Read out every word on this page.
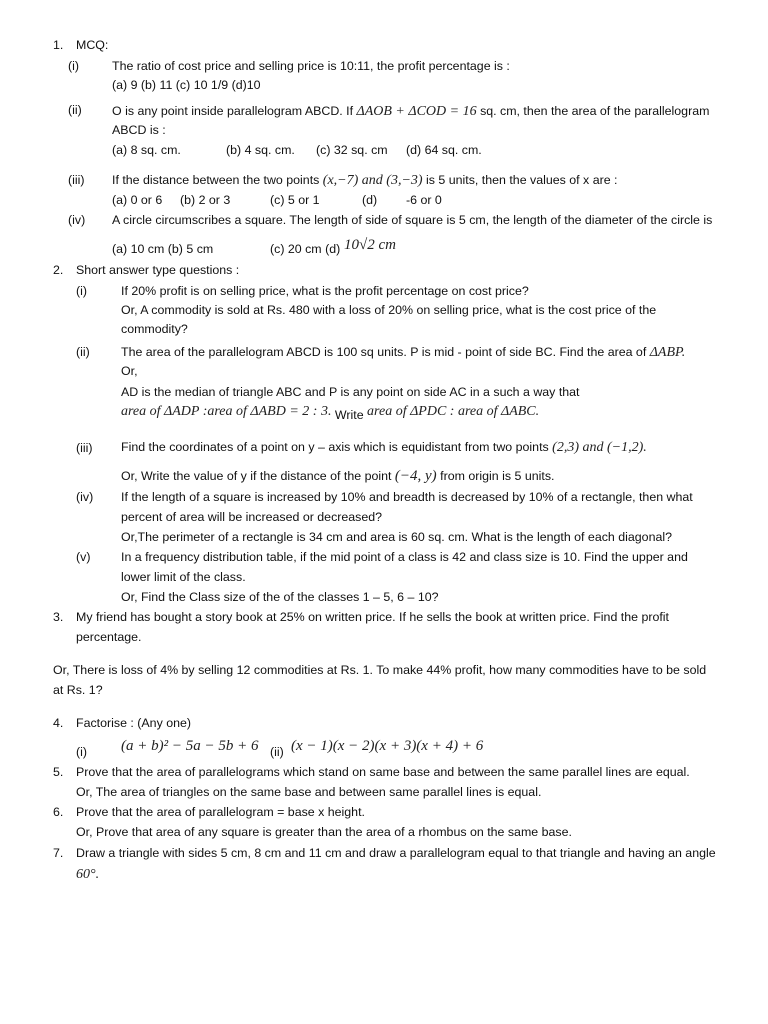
1. MCQ:
(i)	The ratio of cost price and selling price is 10:11, the profit percentage is :
(a) 9 (b) 11 (c) 10 1/9 (d)10
(ii) O is any point inside parallelogram ABCD. If ΔAOB + ΔCOD = 16 sq. cm, then the area of the parallelogram
ABCD is :
(a) 8 sq. cm.	(b) 4 sq. cm. (c) 32 sq. cm (d) 64 sq. cm.
(iii) If the distance between the two points (x,−7) and (3,−3) is 5 units, then the values of x are :
(a) 0 or 6 (b) 2 or 3	(c) 5 or 1	(d) -6 or 0
(iv) A circle circumscribes a square. The length of side of square is 5 cm, the length of the diameter of the circle is
(a) 10 cm (b) 5 cm	(c) 20 cm (d) 10√2 cm
2. Short answer type questions :
(i)	If 20% profit is on selling price, what is the profit percentage on cost price?
Or, A commodity is sold at Rs. 480 with a loss of 20% on selling price, what is the cost price of the
commodity?
(ii)	The area of the parallelogram ABCD is 100 sq units. P is mid - point of side BC. Find the area of ΔABP.
Or,
AD is the median of triangle ABC and P is any point on side AC in a such a way that
area of ΔADP :area of ΔABD = 2 : 3. Write area of ΔPDC : area of ΔABC.
(iii) Find the coordinates of a point on y – axis which is equidistant from two points (2,3) and (−1,2).
Or, Write the value of y if the distance of the point (−4, y) from origin is 5 units.
(iv) If the length of a square is increased by 10% and breadth is decreased by 10% of a rectangle, then what
percent of area will be increased or decreased?
Or,The perimeter of a rectangle is 34 cm and area is 60 sq. cm. What is the length of each diagonal?
(v) In a frequency distribution table, if the mid point of a class is 42 and class size is 10. Find the upper and
lower limit of the class.
Or, Find the Class size of the of the classes 1 – 5, 6 – 10?
3. My friend has bought a story book at 25% on written price. If he sells the book at written price. Find the profit
percentage.
Or, There is loss of 4% by selling 12 commodities at Rs. 1. To make 44% profit, how many commodities have to be sold
at Rs. 1?
4. Factorise : (Any one)
(i) (a + b)² − 5a − 5b + 6 (ii) (x − 1)(x − 2)(x + 3)(x + 4) + 6
5. Prove that the area of parallelograms which stand on same base and between the same parallel lines are equal.
Or, The area of triangles on the same base and between same parallel lines is equal.
6. Prove that the area of parallelogram = base x height.
Or, Prove that area of any square is greater than the area of a rhombus on the same base.
7. Draw a triangle with sides 5 cm, 8 cm and 11 cm and draw a parallelogram equal to that triangle and having an angle
60°.
